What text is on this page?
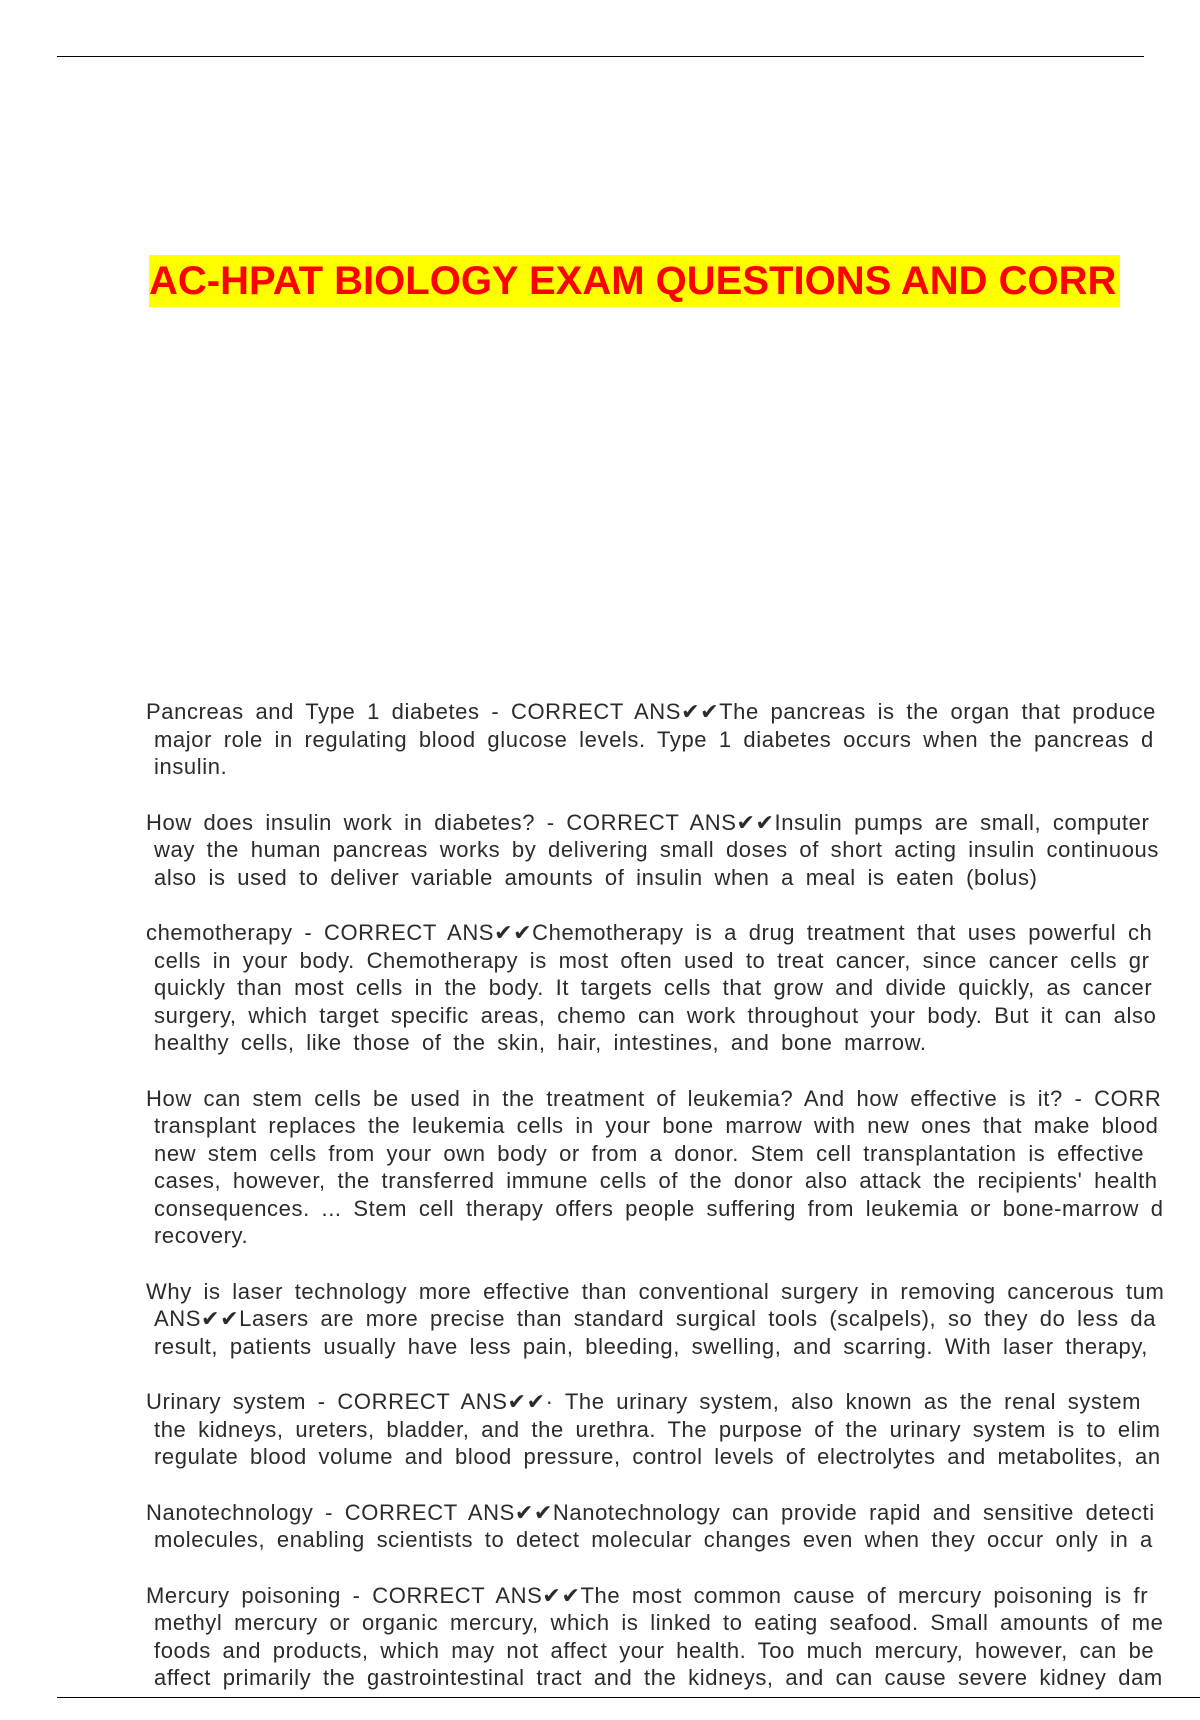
AC-HPAT BIOLOGY EXAM QUESTIONS AND CORR
Pancreas and Type 1 diabetes - CORRECT ANS✔✔The pancreas is the organ that produce
major role in regulating blood glucose levels. Type 1 diabetes occurs when the pancreas d
insulin.
How does insulin work in diabetes? - CORRECT ANS✔✔Insulin pumps are small, computer
way the human pancreas works by delivering small doses of short acting insulin continuous
also is used to deliver variable amounts of insulin when a meal is eaten (bolus)
chemotherapy - CORRECT ANS✔✔Chemotherapy is a drug treatment that uses powerful ch
cells in your body. Chemotherapy is most often used to treat cancer, since cancer cells gr
quickly than most cells in the body. It targets cells that grow and divide quickly, as cancer
surgery, which target specific areas, chemo can work throughout your body. But it can also
healthy cells, like those of the skin, hair, intestines, and bone marrow.
How can stem cells be used in the treatment of leukemia? And how effective is it? - CORR
transplant replaces the leukemia cells in your bone marrow with new ones that make blood
new stem cells from your own body or from a donor. Stem cell transplantation is effective
cases, however, the transferred immune cells of the donor also attack the recipients' health
consequences. ... Stem cell therapy offers people suffering from leukemia or bone-marrow d
recovery.
Why is laser technology more effective than conventional surgery in removing cancerous tum
ANS✔✔Lasers are more precise than standard surgical tools (scalpels), so they do less da
result, patients usually have less pain, bleeding, swelling, and scarring. With laser therapy,
Urinary system - CORRECT ANS✔✔· The urinary system, also known as the renal system
the kidneys, ureters, bladder, and the urethra. The purpose of the urinary system is to elim
regulate blood volume and blood pressure, control levels of electrolytes and metabolites, an
Nanotechnology - CORRECT ANS✔✔Nanotechnology can provide rapid and sensitive detecti
molecules, enabling scientists to detect molecular changes even when they occur only in a
Mercury poisoning - CORRECT ANS✔✔The most common cause of mercury poisoning is fr
methyl mercury or organic mercury, which is linked to eating seafood. Small amounts of me
foods and products, which may not affect your health. Too much mercury, however, can be
affect primarily the gastrointestinal tract and the kidneys, and can cause severe kidney dam
